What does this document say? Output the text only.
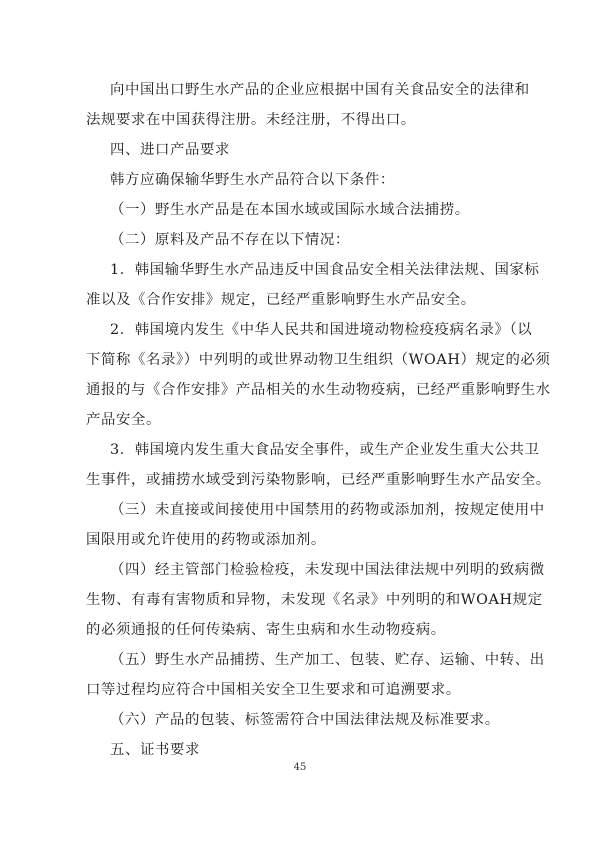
向中国出口野生水产品的企业应根据中国有关食品安全的法律和
法规要求在中国获得注册。未经注册，不得出口。
四、进口产品要求
韩方应确保输华野生水产品符合以下条件：
（一）野生水产品是在本国水域或国际水域合法捕捞。
（二）原料及产品不存在以下情况：
1．韩国输华野生水产品违反中国食品安全相关法律法规、国家标
准以及《合作安排》规定，已经严重影响野生水产品安全。
2．韩国境内发生《中华人民共和国进境动物检疫疫病名录》（以
下简称《名录》）中列明的或世界动物卫生组织（WOAH）规定的必须
通报的与《合作安排》产品相关的水生动物疫病，已经严重影响野生水
产品安全。
3．韩国境内发生重大食品安全事件，或生产企业发生重大公共卫
生事件，或捕捞水域受到污染物影响，已经严重影响野生水产品安全。
（三）未直接或间接使用中国禁用的药物或添加剂，按规定使用中
国限用或允许使用的药物或添加剂。
（四）经主管部门检验检疫，未发现中国法律法规中列明的致病微
生物、有毒有害物质和异物，未发现《名录》中列明的和WOAH规定
的必须通报的任何传染病、寄生虫病和水生动物疫病。
（五）野生水产品捕捞、生产加工、包装、贮存、运输、中转、出
口等过程均应符合中国相关安全卫生要求和可追溯要求。
（六）产品的包装、标签需符合中国法律法规及标准要求。
五、证书要求
45
